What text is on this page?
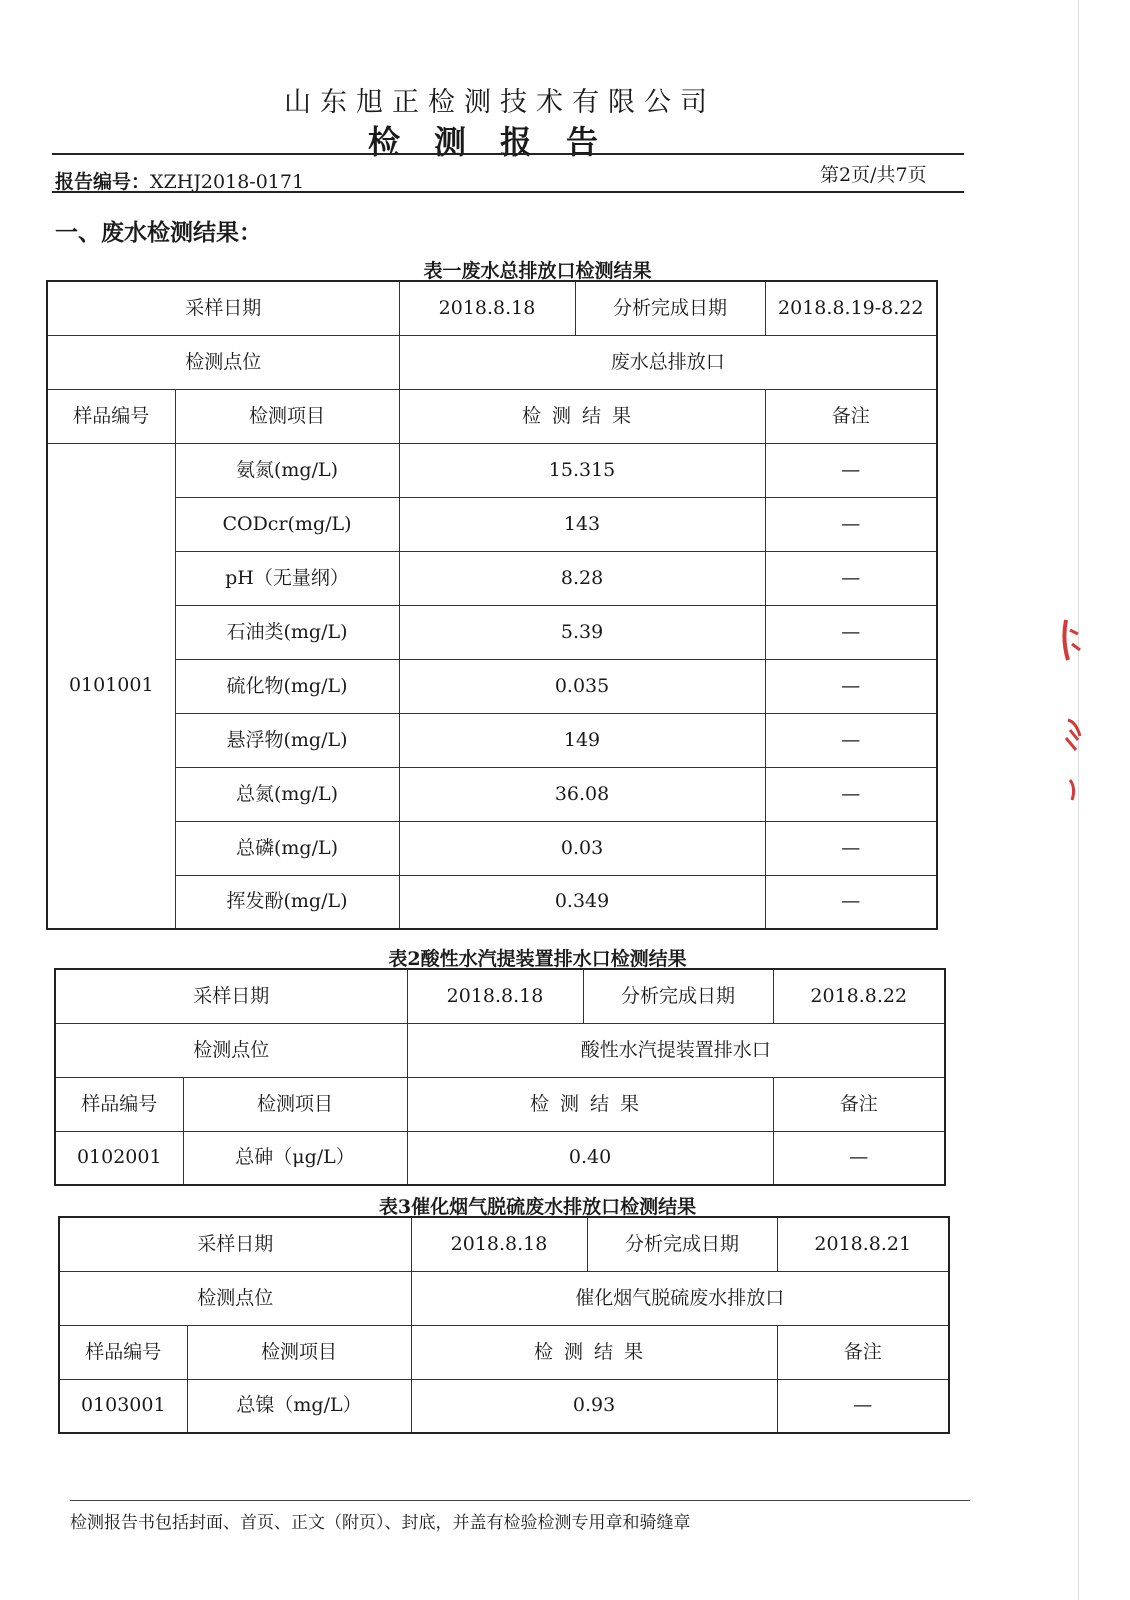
山东旭正检测技术有限公司
检测报告
报告编号：XZHJ2018-0171	第2页/共7页
一、废水检测结果：
表一废水总排放口检测结果
采样日期		2018.8.18	分析完成日期	2018.8.19-8.22
检测点位		废水总排放口		
样品编号	检测项目	检测结果		备注
0101001	氨氮(mg/L)	15.315		—
	CODcr(mg/L)	143		—
	pH（无量纲）	8.28		—
	石油类(mg/L)	5.39		—
	硫化物(mg/L)	0.035		—
	悬浮物(mg/L)	149		—
	总氮(mg/L)	36.08		—
	总磷(mg/L)	0.03		—
	挥发酚(mg/L)	0.349		—
表2酸性水汽提装置排水口检测结果
采样日期		2018.8.18	分析完成日期	2018.8.22
检测点位		酸性水汽提装置排水口		
样品编号	检测项目	检测结果		备注
0102001	总砷（μg/L）	0.40		—
表3催化烟气脱硫废水排放口检测结果
采样日期		2018.8.18	分析完成日期	2018.8.21
检测点位		催化烟气脱硫废水排放口		
样品编号	检测项目	检测结果		备注
0103001	总镍（mg/L）	0.93		—
检测报告书包括封面、首页、正文（附页）、封底，并盖有检验检测专用章和骑缝章
